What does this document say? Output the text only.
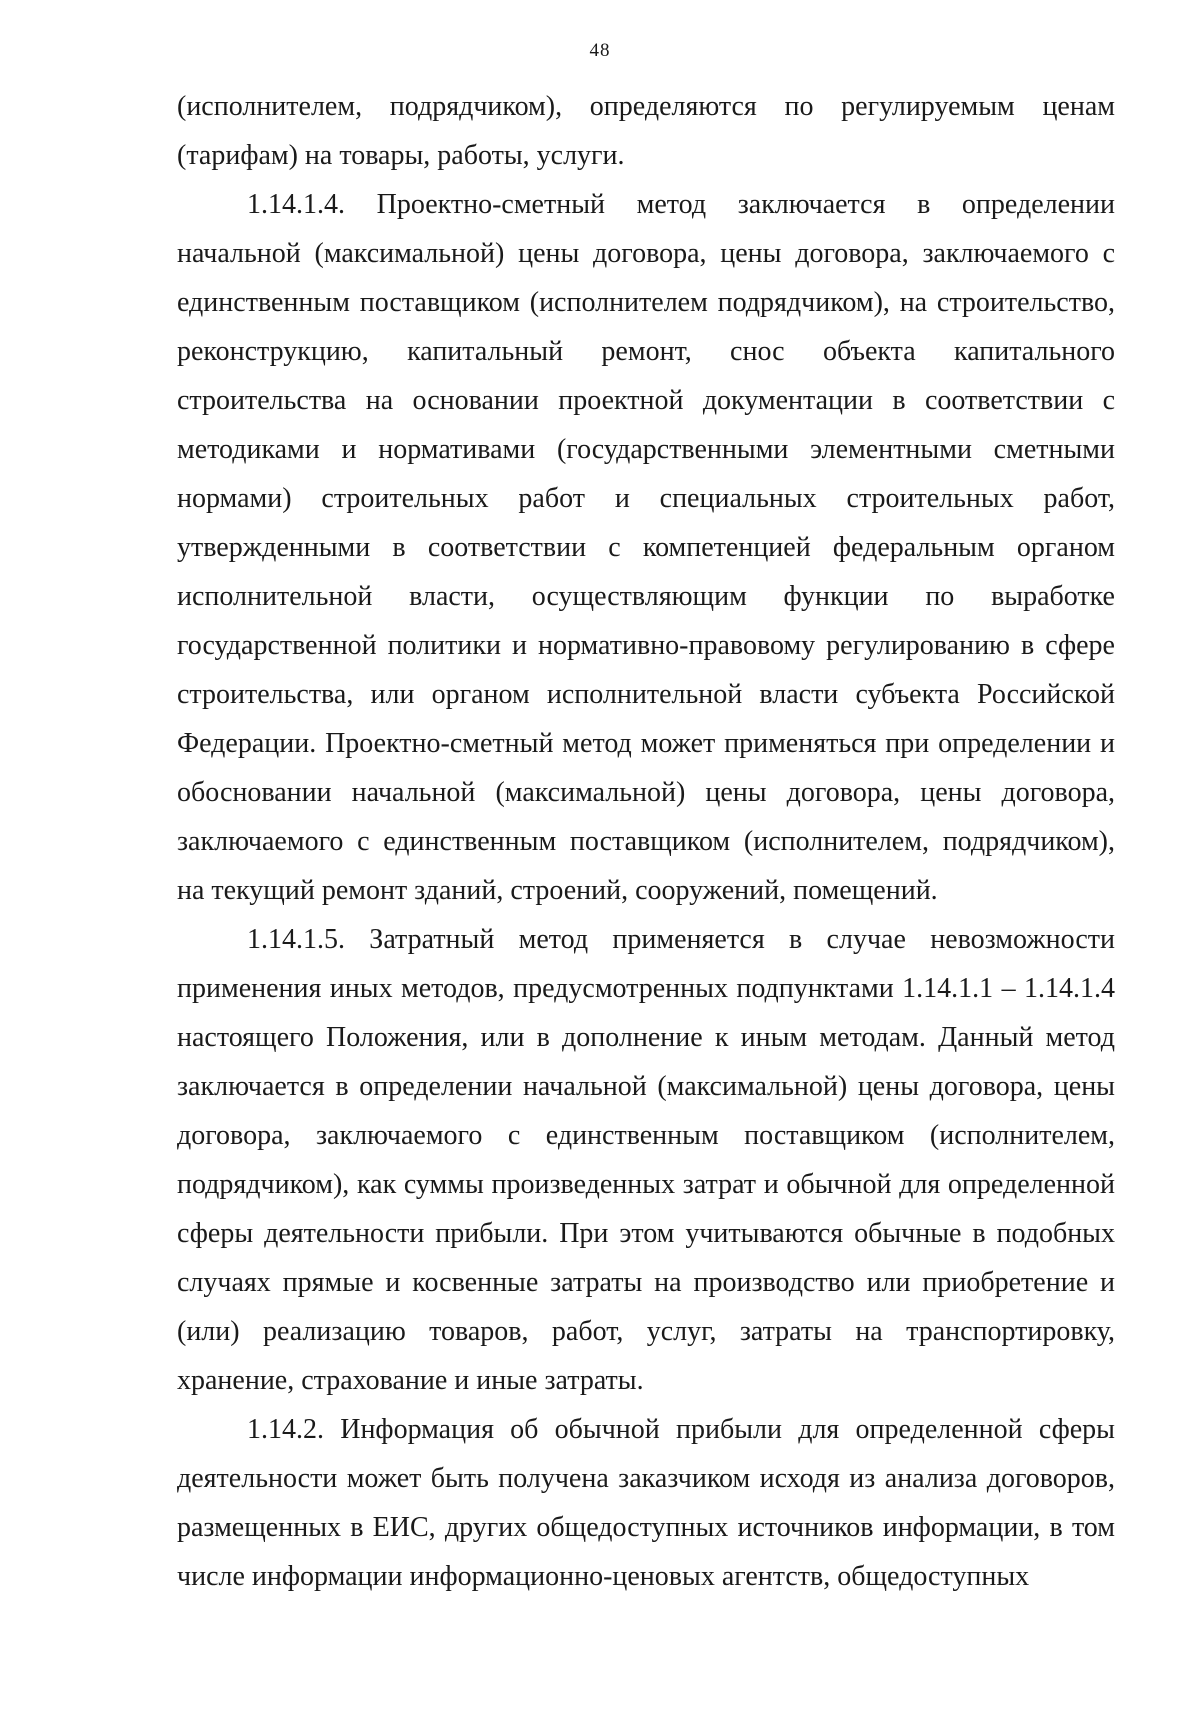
48

(исполнителем, подрядчиком), определяются по регулируемым ценам (тарифам) на товары, работы, услуги.

1.14.1.4. Проектно-сметный метод заключается в определении начальной (максимальной) цены договора, цены договора, заключаемого с единственным поставщиком (исполнителем подрядчиком), на строительство, реконструкцию, капитальный ремонт, снос объекта капитального строительства на основании проектной документации в соответствии с методиками и нормативами (государственными элементными сметными нормами) строительных работ и специальных строительных работ, утвержденными в соответствии с компетенцией федеральным органом исполнительной власти, осуществляющим функции по выработке государственной политики и нормативно-правовому регулированию в сфере строительства, или органом исполнительной власти субъекта Российской Федерации. Проектно-сметный метод может применяться при определении и обосновании начальной (максимальной) цены договора, цены договора, заключаемого с единственным поставщиком (исполнителем, подрядчиком), на текущий ремонт зданий, строений, сооружений, помещений.

1.14.1.5. Затратный метод применяется в случае невозможности применения иных методов, предусмотренных подпунктами 1.14.1.1 – 1.14.1.4 настоящего Положения, или в дополнение к иным методам. Данный метод заключается в определении начальной (максимальной) цены договора, цены договора, заключаемого с единственным поставщиком (исполнителем, подрядчиком), как суммы произведенных затрат и обычной для определенной сферы деятельности прибыли. При этом учитываются обычные в подобных случаях прямые и косвенные затраты на производство или приобретение и (или) реализацию товаров, работ, услуг, затраты на транспортировку, хранение, страхование и иные затраты.

1.14.2. Информация об обычной прибыли для определенной сферы деятельности может быть получена заказчиком исходя из анализа договоров, размещенных в ЕИС, других общедоступных источников информации, в том числе информации информационно-ценовых агентств, общедоступных
